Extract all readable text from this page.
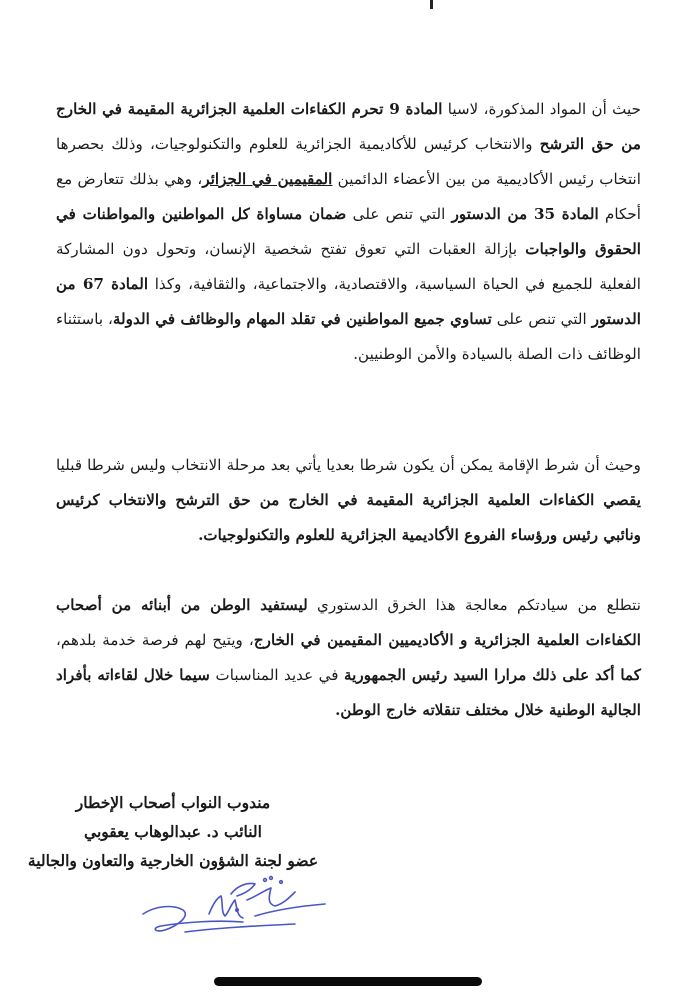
حيث أن المواد المذكورة، لاسيا المادة 9 تحرم الكفاءات العلمية الجزائرية المقيمة في الخارج من حق الترشح والانتخاب كرئيس للأكاديمية الجزائرية للعلوم والتكنولوجيات، وذلك بحصرها انتخاب رئيس الأكاديمية من بين الأعضاء الدائمين المقيمين في الجزائر، وهي بذلك تتعارض مع أحكام المادة 35 من الدستور التي تنص على ضمان مساواة كل المواطنين والمواطنات في الحقوق والواجبات بإزالة العقبات التي تعوق تفتح شخصية الإنسان، وتحول دون المشاركة الفعلية للجميع في الحياة السياسية، والاقتصادية، والاجتماعية، والثقافية، وكذا المادة 67 من الدستور التي تنص على تساوي جميع المواطنين في تقلد المهام والوظائف في الدولة، باستثناء الوظائف ذات الصلة بالسيادة والأمن الوطنيين.

وحيث أن شرط الإقامة يمكن أن يكون شرطا بعديا يأتي بعد مرحلة الانتخاب وليس شرطا قبليا يقصي الكفاءات العلمية الجزائرية المقيمة في الخارج من حق الترشح والانتخاب كرئيس ونائبي رئيس ورؤساء الفروع الأكاديمية الجزائرية للعلوم والتكنولوجيات.

نتطلع من سيادتكم معالجة هذا الخرق الدستوري ليستفيد الوطن من أبنائه من أصحاب الكفاءات العلمية الجزائرية و الأكاديميين المقيمين في الخارج، ويتيح لهم فرصة خدمة بلدهم، كما أكد على ذلك مرارا السيد رئيس الجمهورية في عديد المناسبات سيما خلال لقاءاته بأفراد الجالية الوطنية خلال مختلف تنقلاته خارج الوطن.

مندوب النواب أصحاب الإخطار
النائب د. عبدالوهاب يعقوبي
عضو لجنة الشؤون الخارجية والتعاون والجالية
